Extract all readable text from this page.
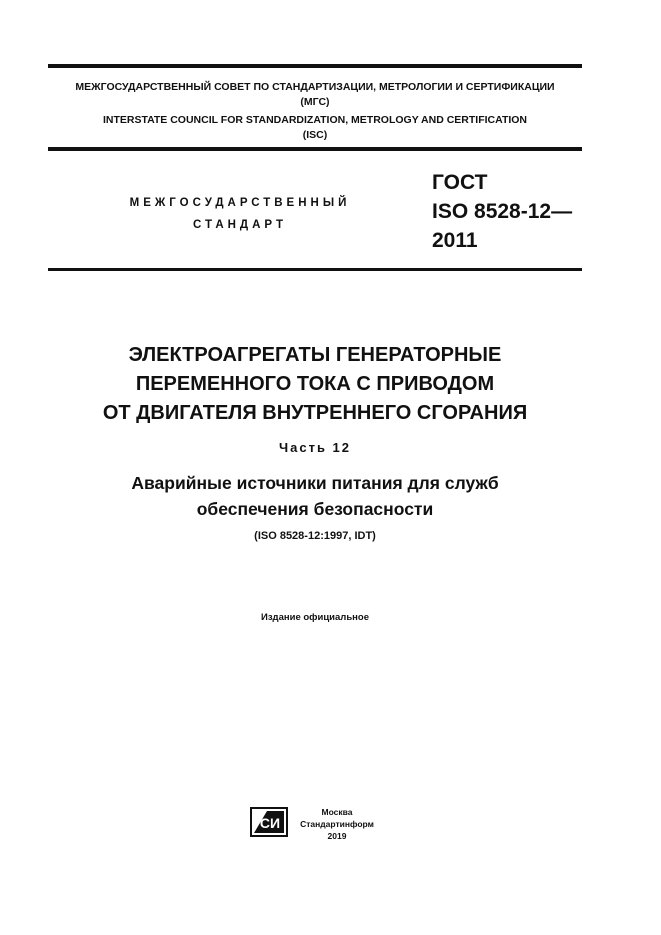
МЕЖГОСУДАРСТВЕННЫЙ СОВЕТ ПО СТАНДАРТИЗАЦИИ, МЕТРОЛОГИИ И СЕРТИФИКАЦИИ
(МГС)
INTERSTATE COUNCIL FOR STANDARDIZATION, METROLOGY AND CERTIFICATION
(ISC)
МЕЖГОСУДАРСТВЕННЫЙ
СТАНДАРТ
ГОСТ
ISO 8528-12—
2011
ЭЛЕКТРОАГРЕГАТЫ ГЕНЕРАТОРНЫЕ
ПЕРЕМЕННОГО ТОКА С ПРИВОДОМ
ОТ ДВИГАТЕЛЯ ВНУТРЕННЕГО СГОРАНИЯ
Часть 12
Аварийные источники питания для служб
обеспечения безопасности
(ISO 8528-12:1997, IDT)
Издание официальное
СИ
Москва
Стандартинформ
2019
